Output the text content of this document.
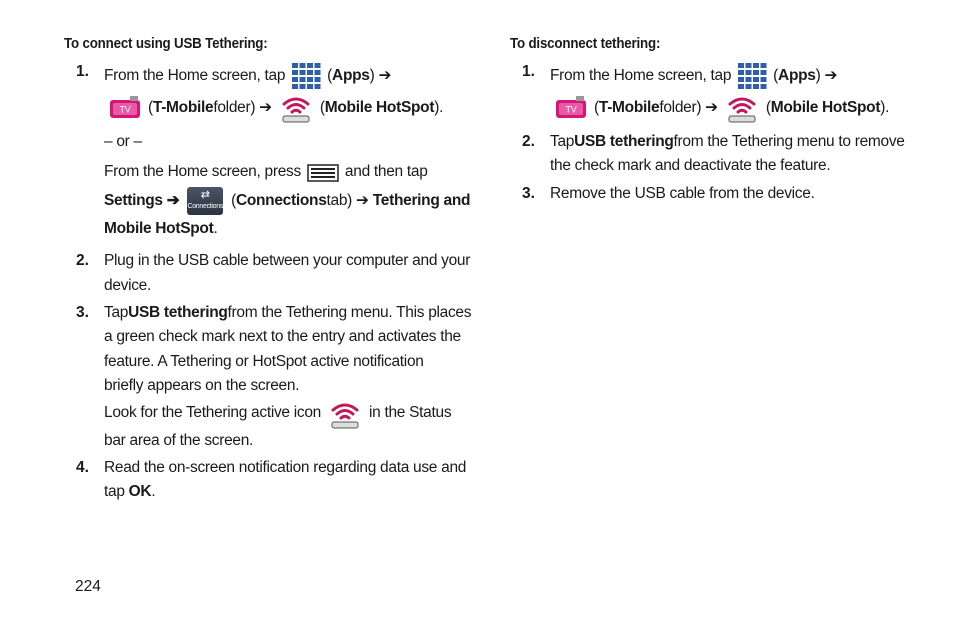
To connect using USB Tethering:
1. From the Home screen, tap	( Apps ) ➔
TV ( T-Mobile folder) ➔	( Mobile HotSpot ).
– or –
From the Home screen, press	and then tap
Settings
➔	⇄
Connections ( Connections tab) ➔
Tethering and
Mobile HotSpot.
2. Plug in the USB cable between your computer and your
device.
3. Tap USB tethering from the Tethering menu. This places
a green check mark next to the entry and activates the
feature. A Tethering or HotSpot active notification
briefly appears on the screen.
Look for the Tethering active icon	in the Status
bar area of the screen.
4. Read the on-screen notification regarding data use and
tap OK.
To disconnect tethering:
1. From the Home screen, tap	( Apps ) ➔
TV ( T-Mobile folder) ➔	( Mobile HotSpot ).
2. Tap USB tethering from the Tethering menu to remove
the check mark and deactivate the feature.
3. Remove the USB cable from the device.
224
